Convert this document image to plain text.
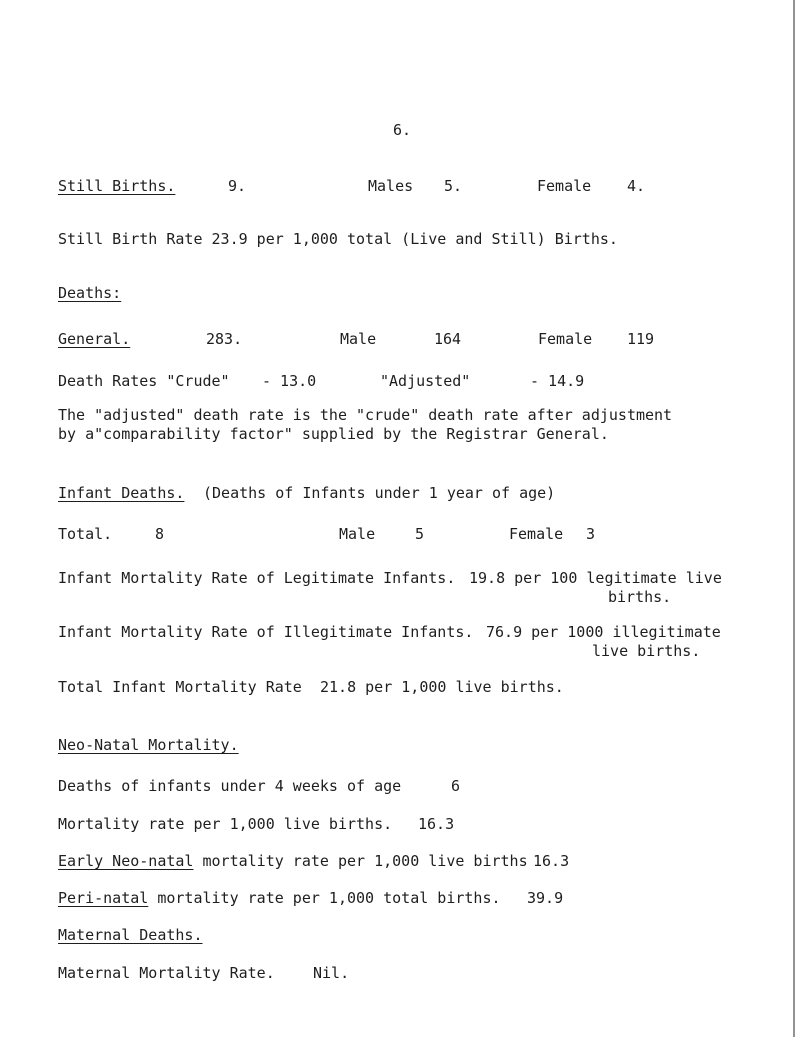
6.
Still Births.	9.	Males 5.	Female 4.
Still Birth Rate 23.9 per 1,000 total (Live and Still) Births.
Deaths:
General.	283.	Male	164	Female 119
Death Rates "Crude" - 13.0	"Adjusted"	- 14.9
The "adjusted" death rate is the "crude" death rate after adjustment
by a"comparability factor" supplied by the Registrar General.
Infant Deaths. (Deaths of Infants under 1 year of age)
Total.	8	Male	5	Female 3
Infant Mortality Rate of Legitimate Infants. 19.8 per 100 legitimate live
births.
Infant Mortality Rate of Illegitimate Infants. 76.9 per 1000 illegitimate
live births.
Total Infant Mortality Rate 21.8 per 1,000 live births.
Neo-Natal Mortality.
Deaths of infants under 4 weeks of age	6
Mortality rate per 1,000 live births. 16.3
Early Neo-natal mortality rate per 1,000 live births 16.3
Peri-natal mortality rate per 1,000 total births. 39.9
Maternal Deaths.
Maternal Mortality Rate.	Nil.
